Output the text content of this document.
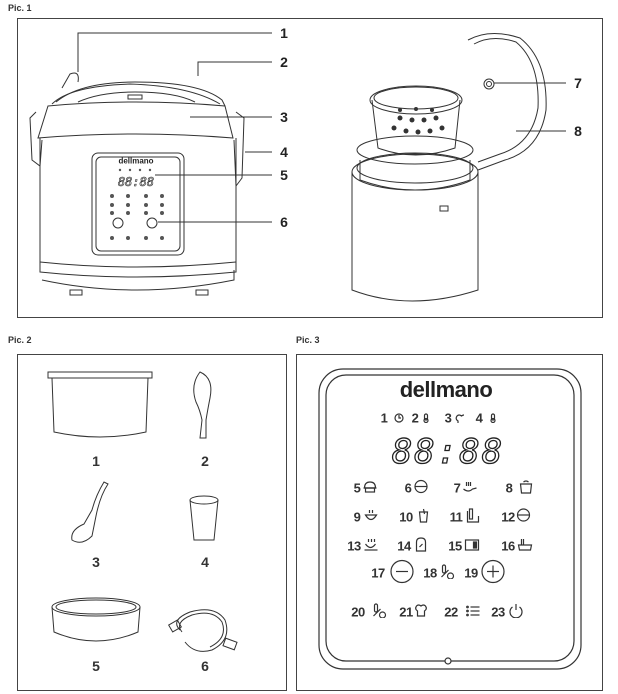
Pic. 1
dellmano
88:88
1
2
3
4
5
6
7
8
Pic. 2
1	2
3	4
5	6
Pic. 3
dellmano
88:88
1 2 3 4
5	6	7	8
9	10	11	12
13	14	15	16
17	18 19
20	21 22	23
